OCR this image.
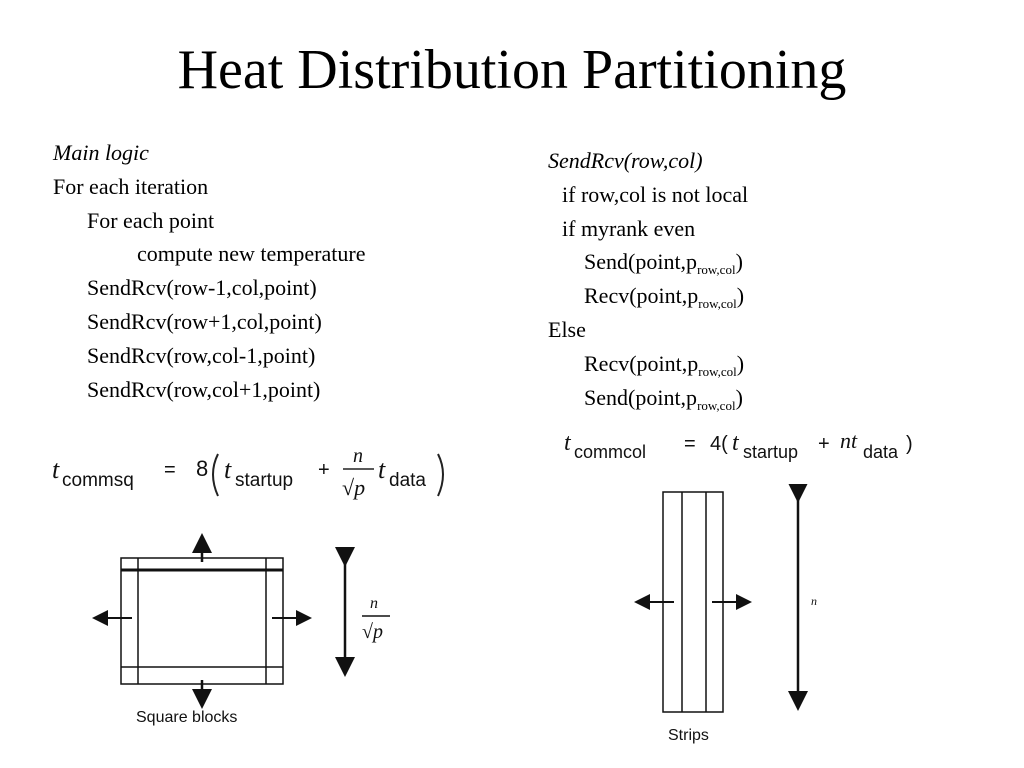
Heat Distribution Partitioning
Main logic
For each iteration
For each point
compute new temperature
SendRcv(row-1,col,point)
SendRcv(row+1,col,point)
SendRcv(row,col-1,point)
SendRcv(row,col+1,point)
SendRcv(row,col)
if row,col is not local
if myrank even
$Send(point,p_{row,col})$
$Recv(point,p_{row,col})$
Else
$Recv(point,p_{row,col})$
$Send(point,p_{row,col})$
t commsq = 8 t startup +
n
√p
t data
t commcol = 4( t startup + nt data )
n
√p
Square blocks
n
Strips
